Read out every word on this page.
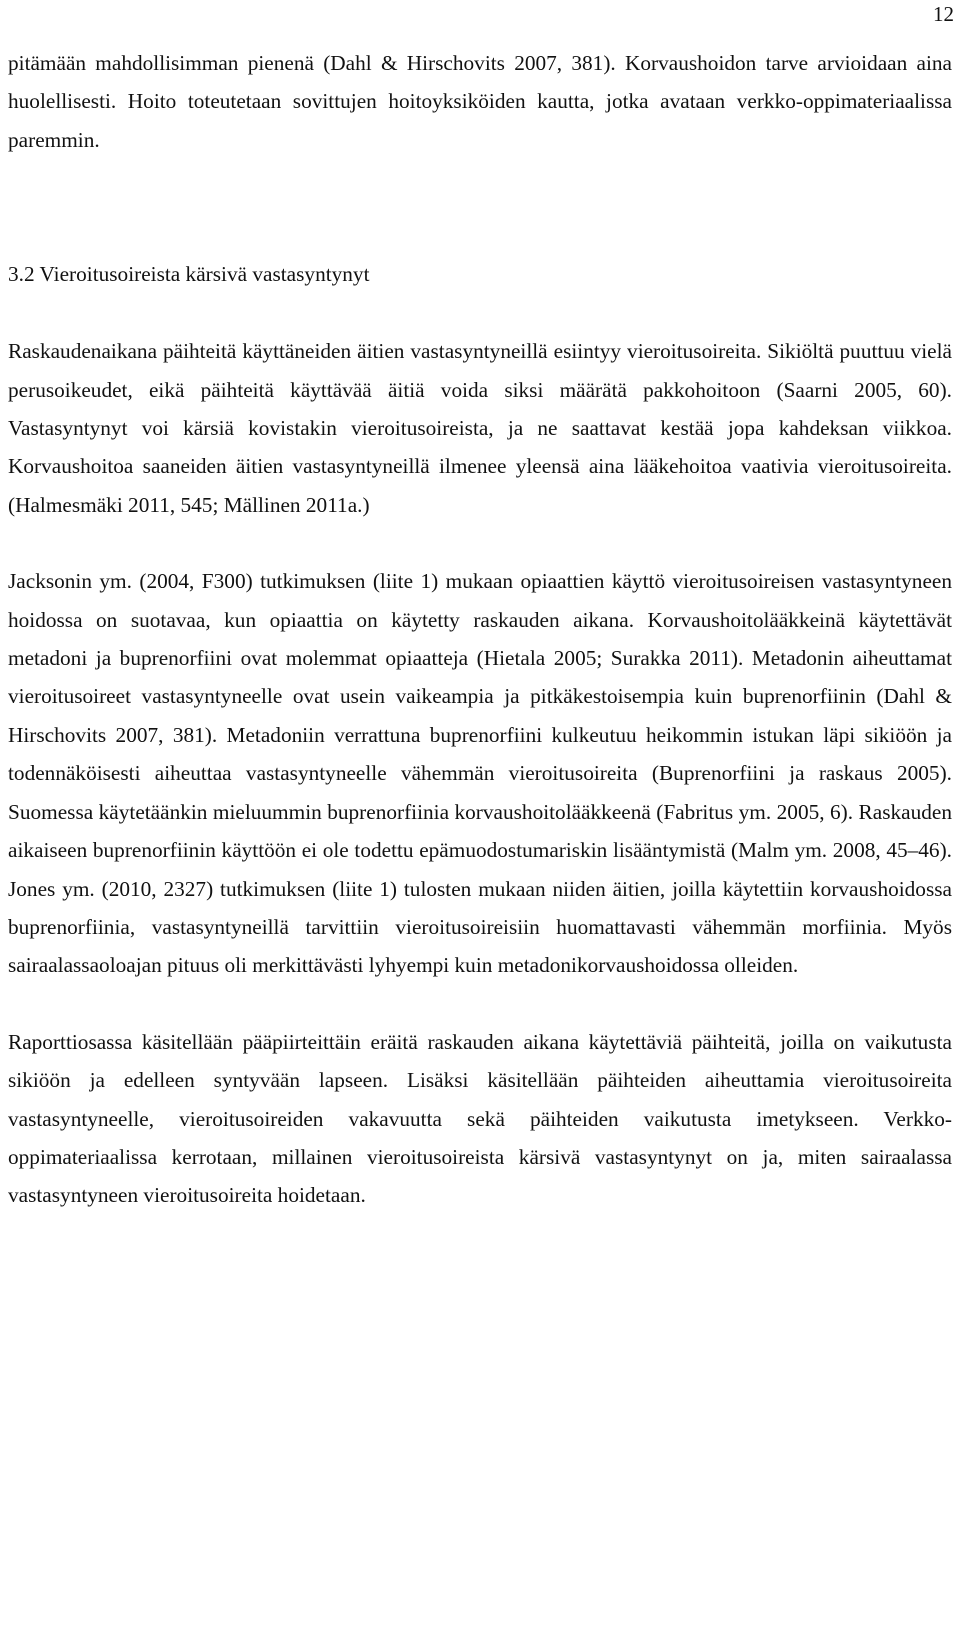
12

pitämään mahdollisimman pienenä (Dahl & Hirschovits 2007, 381). Korvaushoidon tarve arvioidaan aina huolellisesti. Hoito toteutetaan sovittujen hoitoyksiköiden kautta, jotka avataan verkko-oppimateriaalissa paremmin.

3.2 Vieroitusoireista kärsivä vastasyntynyt

Raskaudenaikana päihteitä käyttäneiden äitien vastasyntyneillä esiintyy vieroitusoireita. Sikiöltä puuttuu vielä perusoikeudet, eikä päihteitä käyttävää äitiä voida siksi määrätä pakkohoitoon (Saarni 2005, 60). Vastasyntynyt voi kärsiä kovistakin vieroitusoireista, ja ne saattavat kestää jopa kahdeksan viikkoa. Korvaushoitoa saaneiden äitien vastasyntyneillä ilmenee yleensä aina lääkehoitoa vaativia vieroitusoireita. (Halmesmäki 2011, 545; Mällinen 2011a.)

Jacksonin ym. (2004, F300) tutkimuksen (liite 1) mukaan opiaattien käyttö vieroitusoireisen vastasyntyneen hoidossa on suotavaa, kun opiaattia on käytetty raskauden aikana. Korvaushoitolääkkeinä käytettävät metadoni ja buprenorfiini ovat molemmat opiaatteja (Hietala 2005; Surakka 2011). Metadonin aiheuttamat vieroitusoireet vastasyntyneelle ovat usein vaikeampia ja pitkäkestoisempia kuin buprenorfiinin (Dahl & Hirschovits 2007, 381). Metadoniin verrattuna buprenorfiini kulkeutuu heikommin istukan läpi sikiöön ja todennäköisesti aiheuttaa vastasyntyneelle vähemmän vieroitusoireita (Buprenorfiini ja raskaus 2005). Suomessa käytetäänkin mieluummin buprenorfiinia korvaushoitolääkkeenä (Fabritus ym. 2005, 6). Raskauden aikaiseen buprenorfiinin käyttöön ei ole todettu epämuodostumariskin lisääntymistä (Malm ym. 2008, 45–46). Jones ym. (2010, 2327) tutkimuksen (liite 1) tulosten mukaan niiden äitien, joilla käytettiin korvaushoidossa buprenorfiinia, vastasyntyneillä tarvittiin vieroitusoireisiin huomattavasti vähemmän morfiinia. Myös sairaalassaoloajan pituus oli merkittävästi lyhyempi kuin metadonikorvaushoidossa olleiden.

Raporttiosassa käsitellään pääpiirteittäin eräitä raskauden aikana käytettäviä päihteitä, joilla on vaikutusta sikiöön ja edelleen syntyvään lapseen. Lisäksi käsitellään päihteiden aiheuttamia vieroitusoireita vastasyntyneelle, vieroitusoireiden vakavuutta sekä päihteiden vaikutusta imetykseen. Verkko-oppimateriaalissa kerrotaan, millainen vieroitusoireista kärsivä vastasyntynyt on ja, miten sairaalassa vastasyntyneen vieroitusoireita hoidetaan.
